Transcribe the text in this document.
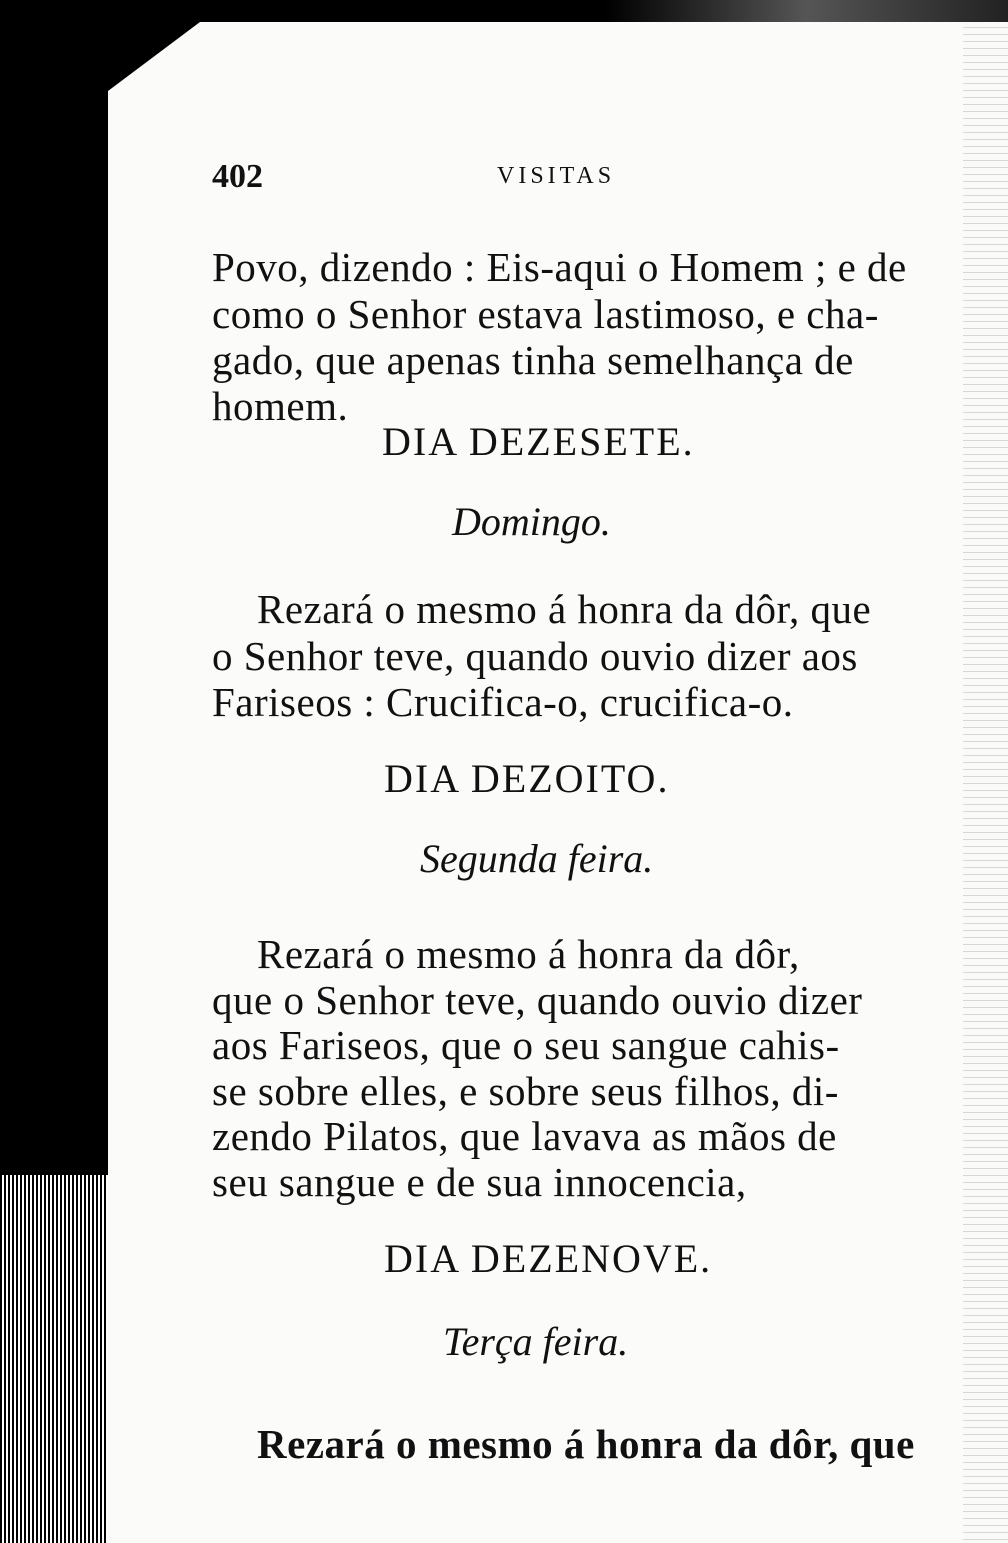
402	VISITAS
Povo, dizendo : Eis-aqui o Homem ; e de
como o Senhor estava lastimoso, e cha-
gado, que apenas tinha semelhança de
homem.
DIA DEZESETE.
Domingo.
Rezará o mesmo á honra da dôr, que
o Senhor teve, quando ouvio dizer aos
Fariseos : Crucifica-o, crucifica-o.
DIA DEZOITO.
Segunda feira.
Rezará o mesmo á honra da dôr,
que o Senhor teve, quando ouvio dizer
aos Fariseos, que o seu sangue cahis-
se sobre elles, e sobre seus filhos, di-
zendo Pilatos, que lavava as mãos de
seu sangue e de sua innocencia,
DIA DEZENOVE.
Terça feira.
Rezará o mesmo á honra da dôr, que
